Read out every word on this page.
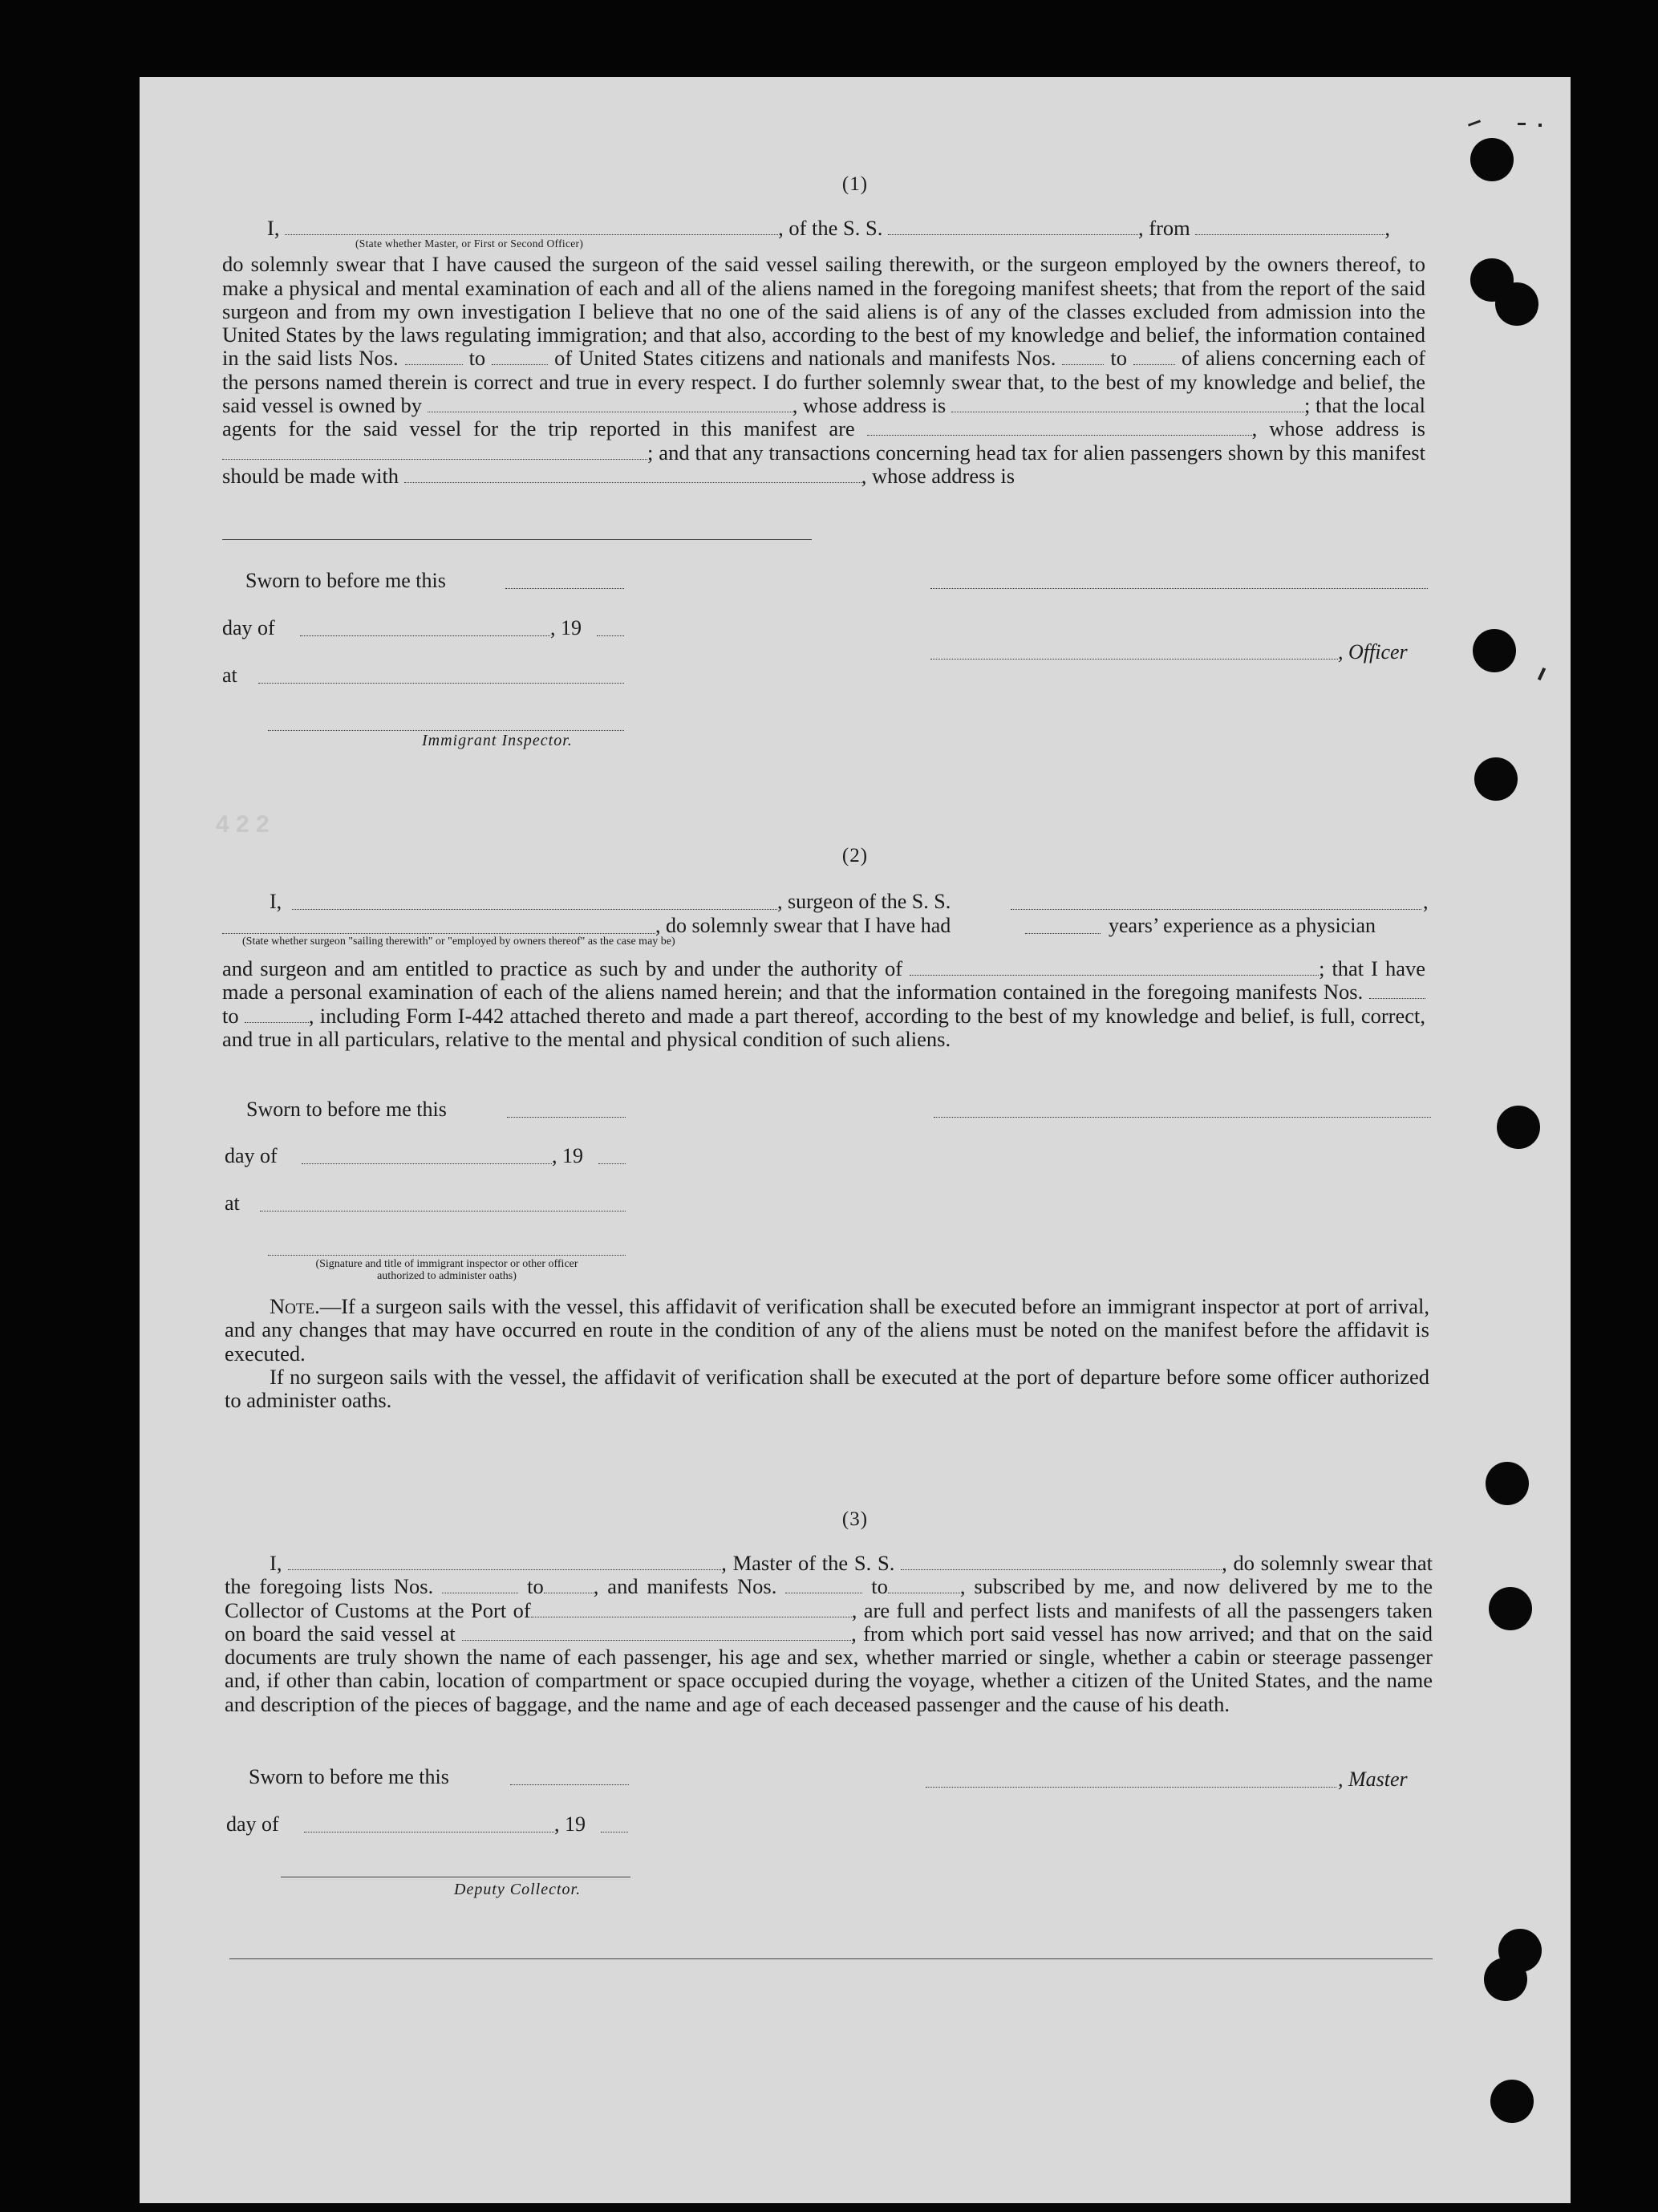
4 2 2
(1)

I,	, of the S. S.	, from	,

(State whether Master, or First or Second Officer)

do solemnly swear that I have caused the surgeon of the said vessel sailing therewith, or the surgeon employed by the owners thereof, to make a physical and mental examination of each and all of the aliens named in the foregoing manifest sheets; that from the report of the said surgeon and from my own investigation I believe that no one of the said aliens is of any of the classes excluded from admission into the United States by the laws regulating immigration; and that also, according to the best of my knowledge and belief, the information contained in the said lists Nos.	to	of United States citizens and nationals and manifests Nos.	to	of aliens concerning each of the persons named therein is correct and true in every respect. I do further solemnly swear that, to the best of my knowledge and belief, the said vessel is owned by	, whose address is	; that the local agents for the said vessel for the trip reported in this manifest are	, whose address is ; and that any transactions concerning head tax for alien passengers shown by this manifest should be made with	, whose address is

Sworn to before me this
day of	, 19
, Officer
at
Immigrant Inspector.
(2)
I,	, surgeon of the S. S.	,
, do solemnly swear that I have had	years’ experience as a physician
(State whether surgeon "sailing therewith" or "employed by owners thereof" as the case may be)

and surgeon and am entitled to practice as such by and under the authority of	; that I have made a personal examination of each of the aliens named herein; and that the information contained in the foregoing manifests Nos.  to	, including Form I-442 attached thereto and made a part thereof, according to the best of my knowledge and belief, is full, correct, and true in all particulars, relative to the mental and physical condition of such aliens.

Sworn to before me this
day of	, 19
at
(Signature and title of immigrant inspector or other officer authorized to administer oaths)

Note.—If a surgeon sails with the vessel, this affidavit of verification shall be executed before an immigrant inspector at port of arrival, and any changes that may have occurred en route in the condition of any of the aliens must be noted on the manifest before the affidavit is executed.

If no surgeon sails with the vessel, the affidavit of verification shall be executed at the port of departure before some officer authorized to administer oaths.

(3)

I,	, Master of the S. S.	, do solemnly swear that the foregoing lists Nos.	to , and manifests Nos.	to	, subscribed by me, and now delivered by me to the Collector of Customs at the Port of	, are full and perfect lists and manifests of all the passengers taken on board the said vessel at	, from which port said vessel has now arrived; and that on the said documents are truly shown the name of each passenger, his age and sex, whether married or single, whether a cabin or steerage passenger and, if other than cabin, location of compartment or space occupied during the voyage, whether a citizen of the United States, and the name and description of the pieces of baggage, and the name and age of each deceased passenger and the cause of his death.

Sworn to before me this	, Master
day of	, 19
Deputy Collector.
